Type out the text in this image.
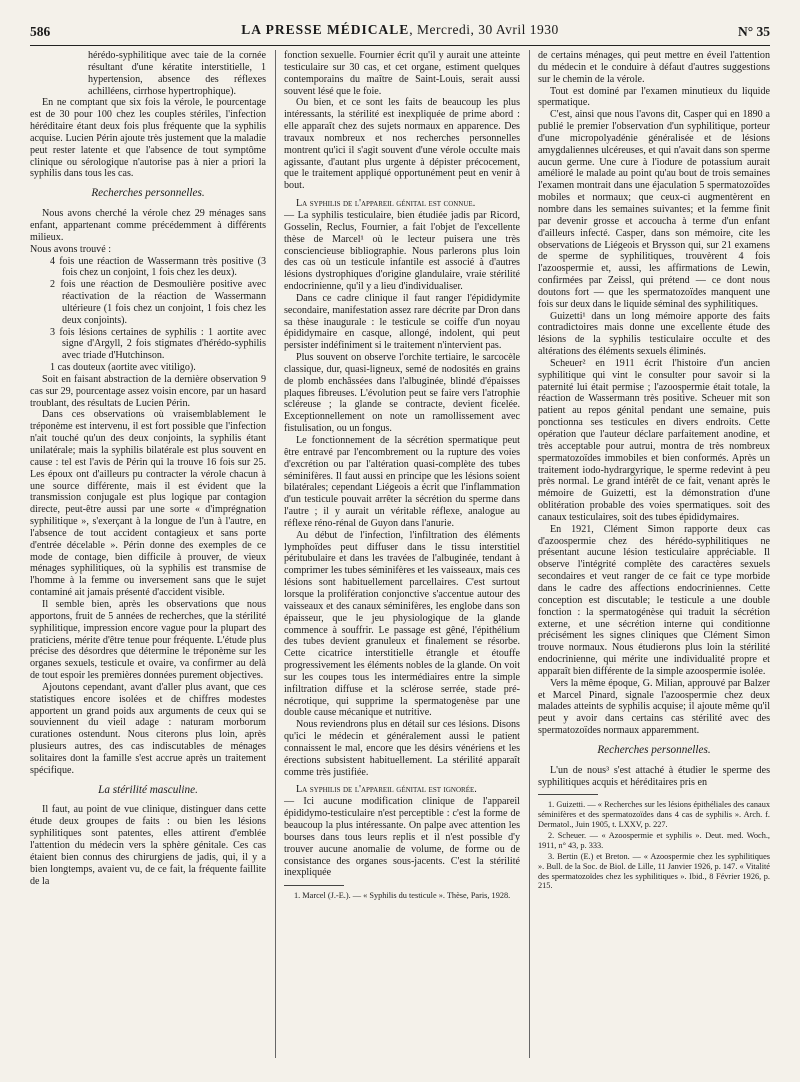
586	LA PRESSE MÉDICALE, Mercredi, 30 Avril 1930	N° 35

hérédo-syphilitique avec taie de la cornée résultant d'une kératite interstitielle, 1 hypertension, absence des réflexes achilléens, cirrhose hypertrophique).

En ne comptant que six fois la vérole, le pourcentage est de 30 pour 100 chez les couples stériles, l'infection héréditaire étant deux fois plus fréquente que la syphilis acquise. Lucien Périn ajoute très justement que la maladie peut rester latente et que l'absence de tout symptôme clinique ou sérologique n'autorise pas à nier a priori la syphilis dans tous les cas.

Recherches personnelles.

Nous avons cherché la vérole chez 29 ménages sans enfant, appartenant comme précédemment à différents milieux.

Nous avons trouvé :

4 fois une réaction de Wassermann très positive (3 fois chez un conjoint, 1 fois chez les deux).

2 fois une réaction de Desmoulière positive avec réactivation de la réaction de Wassermann ultérieure (1 fois chez un conjoint, 1 fois chez les deux conjoints).

3 fois lésions certaines de syphilis : 1 aortite avec signe d'Argyll, 2 fois stigmates d'hérédo-syphilis avec triade d'Hutchinson.

1 cas douteux (aortite avec vitiligo).

Soit en faisant abstraction de la dernière observation 9 cas sur 29, pourcentage assez voisin encore, par un hasard troublant, des résultats de Lucien Périn.

Dans ces observations où vraisemblablement le tréponème est intervenu, il est fort possible que l'infection n'ait touché qu'un des deux conjoints, la syphilis étant unilatérale; mais la syphilis bilatérale est plus souvent en cause : tel est l'avis de Périn qui la trouve 16 fois sur 25. Les époux ont d'ailleurs pu contracter la vérole chacun à une source différente, mais il est évident que la transmission conjugale est plus logique par contagion directe, peut-être aussi par une sorte « d'imprégnation syphilitique », s'exerçant à la longue de l'un à l'autre, en l'absence de tout accident contagieux et sans porte d'entrée décelable ». Périn donne des exemples de ce mode de contage, bien difficile à prouver, de vieux ménages syphilitiques, où la syphilis est transmise de l'homme à la femme ou inversement sans que le sujet contaminé ait jamais présenté d'accident visible.

Il semble bien, après les observations que nous apportons, fruit de 5 années de recherches, que la stérilité syphilitique, impression encore vague pour la plupart des praticiens, mérite d'être tenue pour fréquente. L'étude plus précise des désordres que détermine le tréponème sur les organes sexuels, testicule et ovaire, va confirmer au delà de tout espoir les premières données purement objectives.

Ajoutons cependant, avant d'aller plus avant, que ces statistiques encore isolées et de chiffres modestes apportent un grand poids aux arguments de ceux qui se souviennent du vieil adage : naturam morborum curationes ostendunt. Nous citerons plus loin, après plusieurs autres, des cas indiscutables de ménages solitaires dont la famille s'est accrue après un traitement spécifique.

La stérilité masculine.

Il faut, au point de vue clinique, distinguer dans cette étude deux groupes de faits : ou bien les lésions syphilitiques sont patentes, elles attirent d'emblée l'attention du médecin vers la sphère génitale. Ces cas étaient bien connus des chirurgiens de jadis, qui, il y a bien longtemps, avaient vu, de ce fait, la fréquente faillite de la

fonction sexuelle. Fournier écrit qu'il y aurait une atteinte testiculaire sur 30 cas, et cet organe, estiment quelques contemporains du maître de Saint-Louis, serait aussi souvent lésé que le foie.

Ou bien, et ce sont les faits de beaucoup les plus intéressants, la stérilité est inexpliquée de prime abord : elle apparaît chez des sujets normaux en apparence. Des travaux nombreux et nos recherches personnelles montrent qu'ici il s'agit souvent d'une vérole occulte mais agissante, d'autant plus urgente à dépister précocement, que le traitement appliqué opportunément peut en venir à bout.

La syphilis de l'appareil génital est connue.

— La syphilis testiculaire, bien étudiée jadis par Ricord, Gosselin, Reclus, Fournier, a fait l'objet de l'excellente thèse de Marcel¹ où le lecteur puisera une très consciencieuse bibliographie. Nous parlerons plus loin des cas où un testicule infantile est associé à d'autres lésions dystrophiques d'origine glandulaire, vraie stérilité endocrinienne, qu'il y a lieu d'individualiser.

Dans ce cadre clinique il faut ranger l'épididymite secondaire, manifestation assez rare décrite par Dron dans sa thèse inaugurale : le testicule se coiffe d'un noyau épididymaire en casque, allongé, indolent, qui peut persister indéfiniment si le traitement n'intervient pas.

Plus souvent on observe l'orchite tertiaire, le sarcocèle classique, dur, quasi-ligneux, semé de nodosités en grains de plomb enchâssées dans l'albuginée, blindé d'épaisses plaques fibreuses. L'évolution peut se faire vers l'atrophie scléreuse ; la glande se contracte, devient ficelée. Exceptionnellement on note un ramollissement avec fistulisation, ou un fongus.

Le fonctionnement de la sécrétion spermatique peut être entravé par l'encombrement ou la rupture des voies d'excrétion ou par l'altération quasi-complète des tubes séminifères. Il faut aussi en principe que les lésions soient bilatérales; cependant Liégeois a écrit que l'inflammation d'un testicule pouvait arrêter la sécrétion du sperme dans l'autre ; il y aurait un véritable réflexe, analogue au réflexe réno-rénal de Guyon dans l'anurie.

Au début de l'infection, l'infiltration des éléments lymphoïdes peut diffuser dans le tissu interstitiel péritubulaire et dans les travées de l'albuginée, tendant à comprimer les tubes séminifères et les vaisseaux, mais ces lésions sont habituellement parcellaires. C'est surtout lorsque la prolifération conjonctive s'accentue autour des vaisseaux et des canaux séminifères, les englobe dans son épaisseur, que le jeu physiologique de la glande commence à souffrir. Le passage est gêné, l'épithélium des tubes devient granuleux et finalement se résorbe. Cette cicatrice interstitielle étrangle et étouffe progressivement les éléments nobles de la glande. On voit sur les coupes tous les intermédiaires entre la simple infiltration diffuse et la sclérose serrée, stade pré-nécrotique, qui supprime la spermatogenèse par une double cause mécanique et nutritive.

Nous reviendrons plus en détail sur ces lésions. Disons qu'ici le médecin et généralement aussi le patient connaissent le mal, encore que les désirs vénériens et les érections subsistent habituellement. La stérilité apparaît comme très justifiée.

La syphilis de l'appareil génital est ignorée.

— Ici aucune modification clinique de l'appareil épididymo-testiculaire n'est perceptible : c'est la forme de beaucoup la plus intéressante. On palpe avec attention les bourses dans tous leurs replis et il n'est possible d'y trouver aucune anomalie de volume, de forme ou de consistance des organes sous-jacents. C'est la stérilité inexpliquée

1. Marcel (J.-E.). — « Syphilis du testicule ». Thèse, Paris, 1928.

de certains ménages, qui peut mettre en éveil l'attention du médecin et le conduire à défaut d'autres suggestions sur le chemin de la vérole.

Tout est dominé par l'examen minutieux du liquide spermatique.

C'est, ainsi que nous l'avons dit, Casper qui en 1890 a publié le premier l'observation d'un syphilitique, porteur d'une micropolyadénie généralisée et de lésions amygdaliennes ulcéreuses, et qui n'avait dans son sperme aucun germe. Une cure à l'iodure de potassium aurait amélioré le malade au point qu'au bout de trois semaines l'examen montrait dans une éjaculation 5 spermatozoïdes mobiles et normaux; que ceux-ci augmentèrent en nombre dans les semaines suivantes; et la femme finit par devenir grosse et accoucha à terme d'un enfant d'ailleurs infecté. Casper, dans son mémoire, cite les observations de Liégeois et Brysson qui, sur 21 examens de sperme de syphilitiques, trouvèrent 4 fois l'azoospermie et, aussi, les affirmations de Lewin, confirmées par Zeissl, qui prétend — ce dont nous doutons fort — que les spermatozoïdes manquent une fois sur deux dans le liquide séminal des syphilitiques.

Guizetti¹ dans un long mémoire apporte des faits contradictoires mais donne une excellente étude des lésions de la syphilis testiculaire occulte et des altérations des éléments sexuels éliminés.

Scheuer² en 1911 écrit l'histoire d'un ancien syphilitique qui vint le consulter pour savoir si la paternité lui était permise ; l'azoospermie était totale, la réaction de Wassermann très positive. Scheuer mit son patient au repos génital pendant une semaine, puis ponctionna ses testicules en divers endroits. Cette opération que l'auteur déclare parfaitement anodine, et très acceptable pour autrui, montra de très nombreux spermatozoïdes immobiles et bien conformés. Après un traitement iodo-hydrargyrique, le sperme redevint à peu près normal. Le grand intérêt de ce fait, venant après le mémoire de Guizetti, est la démonstration d'une oblitération probable des voies spermatiques. soit des canaux testiculaires, soit des tubes épididymaires.

En 1921, Clément Simon rapporte deux cas d'azoospermie chez des hérédo-syphilitiques ne présentant aucune lésion testiculaire appréciable. Il observe l'intégrité complète des caractères sexuels secondaires et veut ranger de ce fait ce type morbide dans le cadre des affections endocriniennes. Cette conception est discutable; le testicule a une double fonction : la spermatogénèse qui traduit la sécrétion externe, et une sécrétion interne qui conditionne précisément les signes cliniques que Clément Simon trouve normaux. Nous étudierons plus loin la stérilité endocrinienne, qui mérite une individualité propre et apparaît bien différente de la simple azoospermie isolée.

Vers la même époque, G. Milian, approuvé par Balzer et Marcel Pinard, signale l'azoospermie chez deux malades atteints de syphilis acquise; il ajoute même qu'il peut y avoir dans certains cas stérilité avec des spermatozoïdes normaux apparemment.

Recherches personnelles.

L'un de nous³ s'est attaché à étudier le sperme des syphilitiques acquis et héréditaires pris en

1. Guizetti. — « Recherches sur les lésions épithéliales des canaux séminifères et des spermatozoïdes dans 4 cas de syphilis ». Arch. f. Dermatol., Juin 1905, t. LXXV, p. 227.

2. Scheuer. — « Azoospermie et syphilis ». Deut. med. Woch., 1911, n° 43, p. 333.

3. Bertin (E.) et Breton. — « Azoospermie chez les syphilitiques ». Bull. de la Soc. de Biol. de Lille, 11 Janvier 1926, p. 147. « Vitalité des spermatozoïdes chez les syphilitiques ». Ibid., 8 Février 1926, p. 215.
